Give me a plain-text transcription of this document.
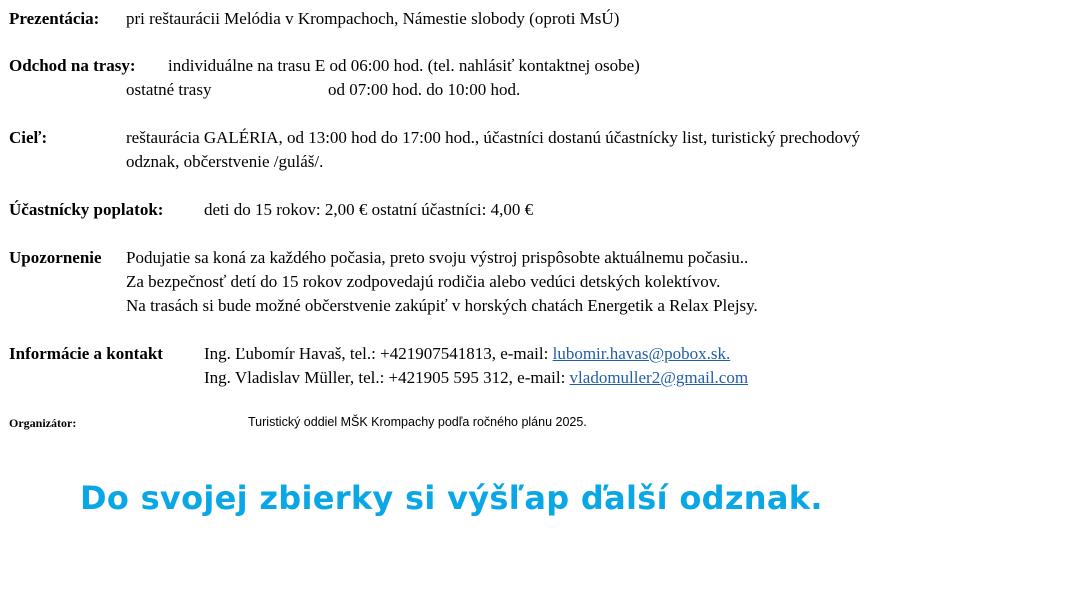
Prezentácia: pri reštaurácii Melódia v Krompachoch, Námestie slobody (oproti MsÚ)
Odchod na trasy: individuálne na trasu E od 06:00 hod. (tel. nahlásiť kontaktnej osobe)
ostatné trasy	od 07:00 hod. do 10:00 hod.
Cieľ:	reštaurácia GALÉRIA, od 13:00 hod do 17:00 hod., účastníci dostanú účastnícky list, turistický prechodový
odznak, občerstvenie /guláš/.
Účastnícky poplatok: deti do 15 rokov: 2,00 € ostatní účastníci: 4,00 €
Upozornenie Podujatie sa koná za každého počasia, preto svoju výstroj prispôsobte aktuálnemu počasiu..
Za bezpečnosť detí do 15 rokov zodpovedajú rodičia alebo vedúci detských kolektívov.
Na trasách si bude možné občerstvenie zakúpiť v horských chatách Energetik a Relax Plejsy.
Informácie a kontakt Ing. Ľubomír Havaš, tel.: +421907541813, e-mail: lubomir.havas@pobox.sk.
Ing. Vladislav Müller, tel.: +421905 595 312, e-mail: vladomuller2@gmail.com
Organizátor:	Turistický oddiel MŠK Krompachy podľa ročného plánu 2025.
Do svojej zbierky si výšľap ďalší odznak.
